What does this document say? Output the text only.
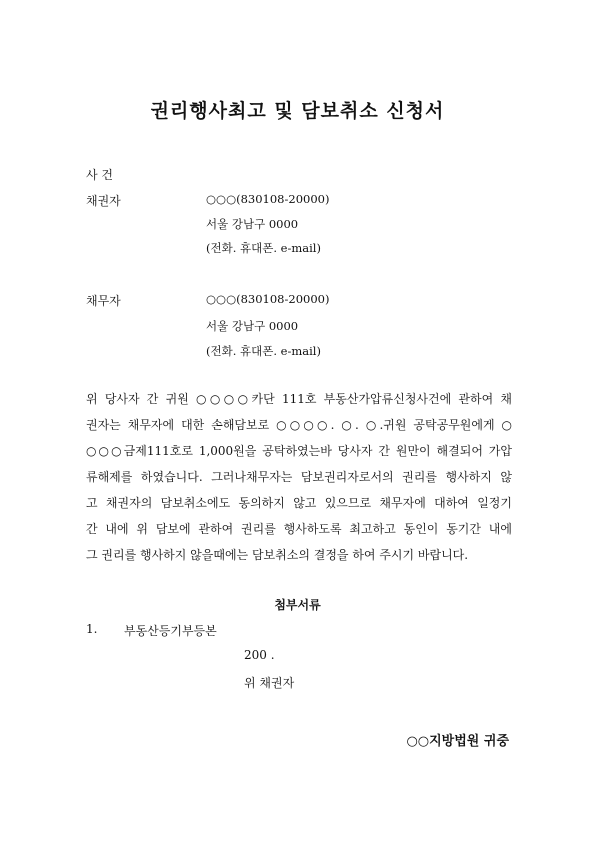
권리행사최고 및 담보취소 신청서
사 건
채권자	○○○(830108-20000)
서울 강남구 0000
(전화. 휴대폰. e-mail)
채무자	○○○(830108-20000)
서울 강남구 0000
(전화. 휴대폰. e-mail)
위 당사자 간 귀원 ○○○○카단 111호 부동산가압류신청사건에 관하여 채
권자는 채무자에 대한 손해담보로 ○○○○. ○. ○.귀원 공탁공무원에게 ○
○○○금제111호로 1,000원을 공탁하였는바 당사자 간 원만이 해결되어 가압
류해제를 하였습니다. 그러나채무자는 담보권리자로서의 권리를 행사하지 않
고 채권자의 담보취소에도 동의하지 않고 있으므로 채무자에 대하여 일정기
간 내에 위 담보에 관하여 권리를 행사하도록 최고하고 동인이 동기간 내에
그 권리를 행사하지 않을때에는 담보취소의 결정을 하여 주시기 바랍니다.
첨부서류
1. 부동산등기부등본
200 .
위 채권자
○○지방법원 귀중
